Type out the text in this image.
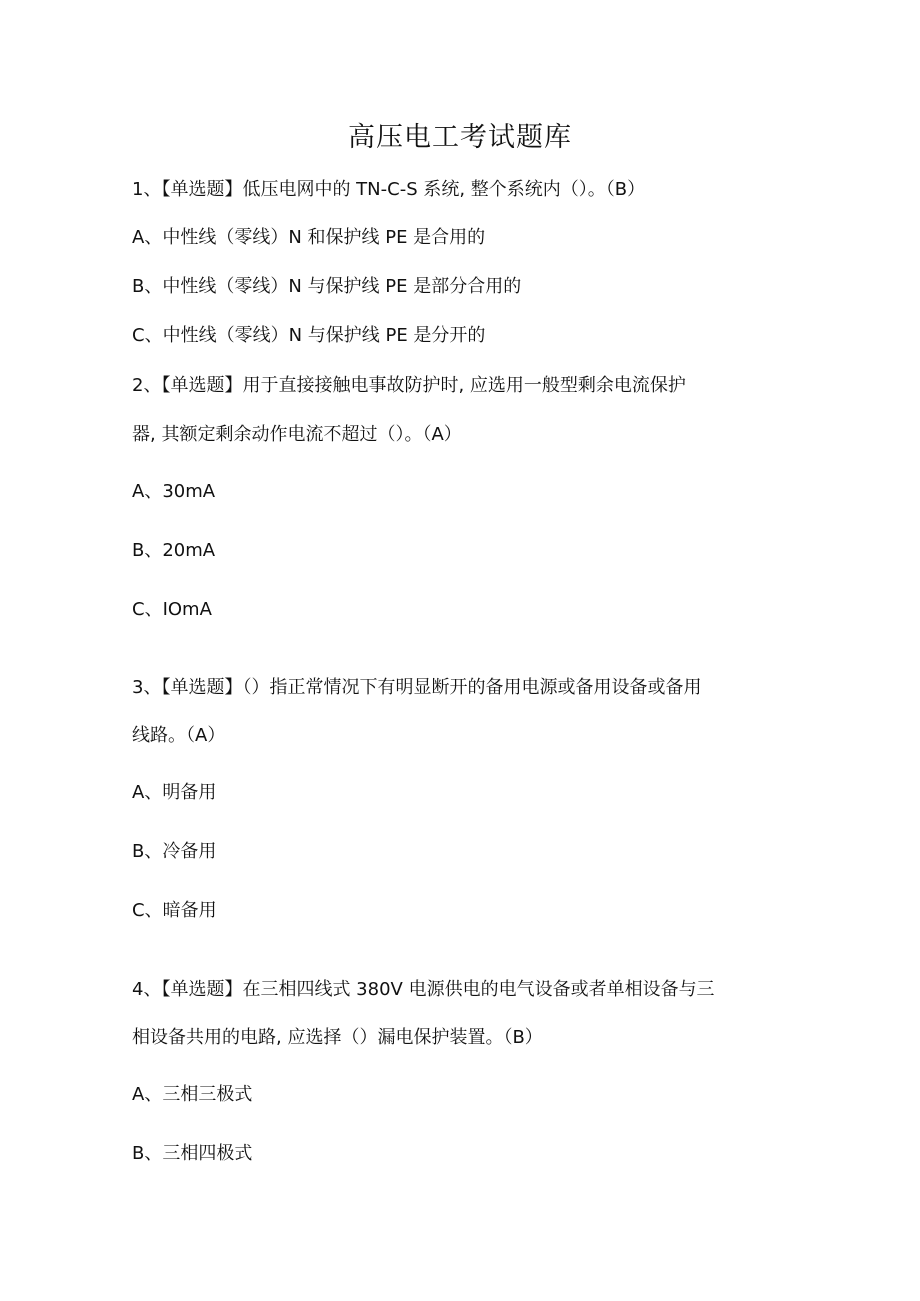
高压电工考试题库
1、【单选题】低压电网中的 TN-C-S 系统, 整个系统内（）。（B）
A、中性线（零线）N 和保护线 PE 是合用的
B、中性线（零线）N 与保护线 PE 是部分合用的
C、中性线（零线）N 与保护线 PE 是分开的
2、【单选题】用于直接接触电事故防护时, 应选用一般型剩余电流保护
器, 其额定剩余动作电流不超过（）。（A）
A、30mA
B、20mA
C、IOmA
3、【单选题】（）指正常情况下有明显断开的备用电源或备用设备或备用
线路。（A）
A、明备用
B、冷备用
C、暗备用
4、【单选题】在三相四线式 380V 电源供电的电气设备或者单相设备与三
相设备共用的电路, 应选择（）漏电保护装置。（B）
A、三相三极式
B、三相四极式
